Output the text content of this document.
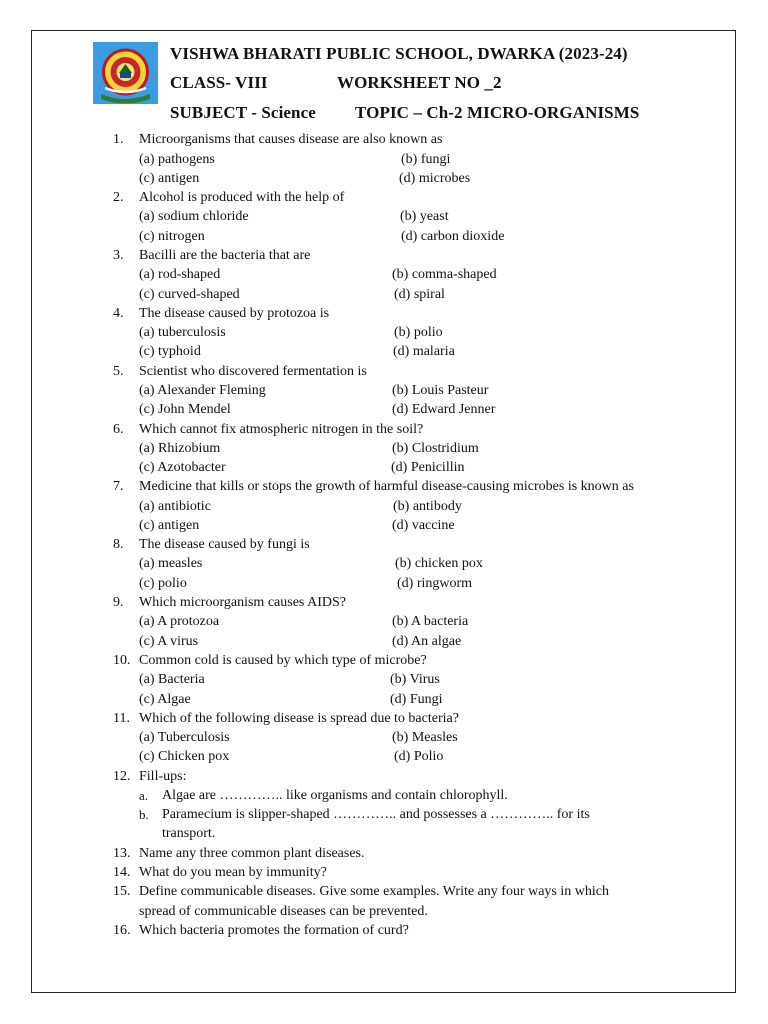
VISHWA BHARATI PUBLIC SCHOOL, DWARKA (2023-24)
CLASS- VIII	WORKSHEET NO _2
SUBJECT - Science TOPIC – Ch-2 MICRO-ORGANISMS
1.	Microorganisms that causes disease are also known as
(a) pathogens	(b) fungi
(c) antigen	(d) microbes
2.	Alcohol is produced with the help of
(a) sodium chloride	(b) yeast
(c) nitrogen	(d) carbon dioxide
3.	Bacilli are the bacteria that are
(a) rod-shaped	(b) comma-shaped
(c) curved-shaped	(d) spiral
4.	The disease caused by protozoa is
(a) tuberculosis	(b) polio
(c) typhoid	(d) malaria
5.	Scientist who discovered fermentation is
(a) Alexander Fleming	(b) Louis Pasteur
(c) John Mendel	(d) Edward Jenner
6.	Which cannot fix atmospheric nitrogen in the soil?
(a) Rhizobium	(b) Clostridium
(c) Azotobacter	(d) Penicillin
7.	Medicine that kills or stops the growth of harmful disease-causing microbes is known as
(a) antibiotic	(b) antibody
(c) antigen	(d) vaccine
8.	The disease caused by fungi is
(a) measles	(b) chicken pox
(c) polio	(d) ringworm
9.	Which microorganism causes AIDS?
(a) A protozoa	(b) A bacteria
(c) A virus	(d) An algae
10. Common cold is caused by which type of microbe?
(a) Bacteria	(b) Virus
(c) Algae	(d) Fungi
11. Which of the following disease is spread due to bacteria?
(a) Tuberculosis	(b) Measles
(c) Chicken pox	(d) Polio
12. Fill-ups:
a. Algae are ………….. like organisms and contain chlorophyll.
b. Paramecium is slipper-shaped ………….. and possesses a ………….. for its
transport.
13. Name any three common plant diseases.
14. What do you mean by immunity?
15. Define communicable diseases. Give some examples. Write any four ways in which
spread of communicable diseases can be prevented.
16. Which bacteria promotes the formation of curd?
